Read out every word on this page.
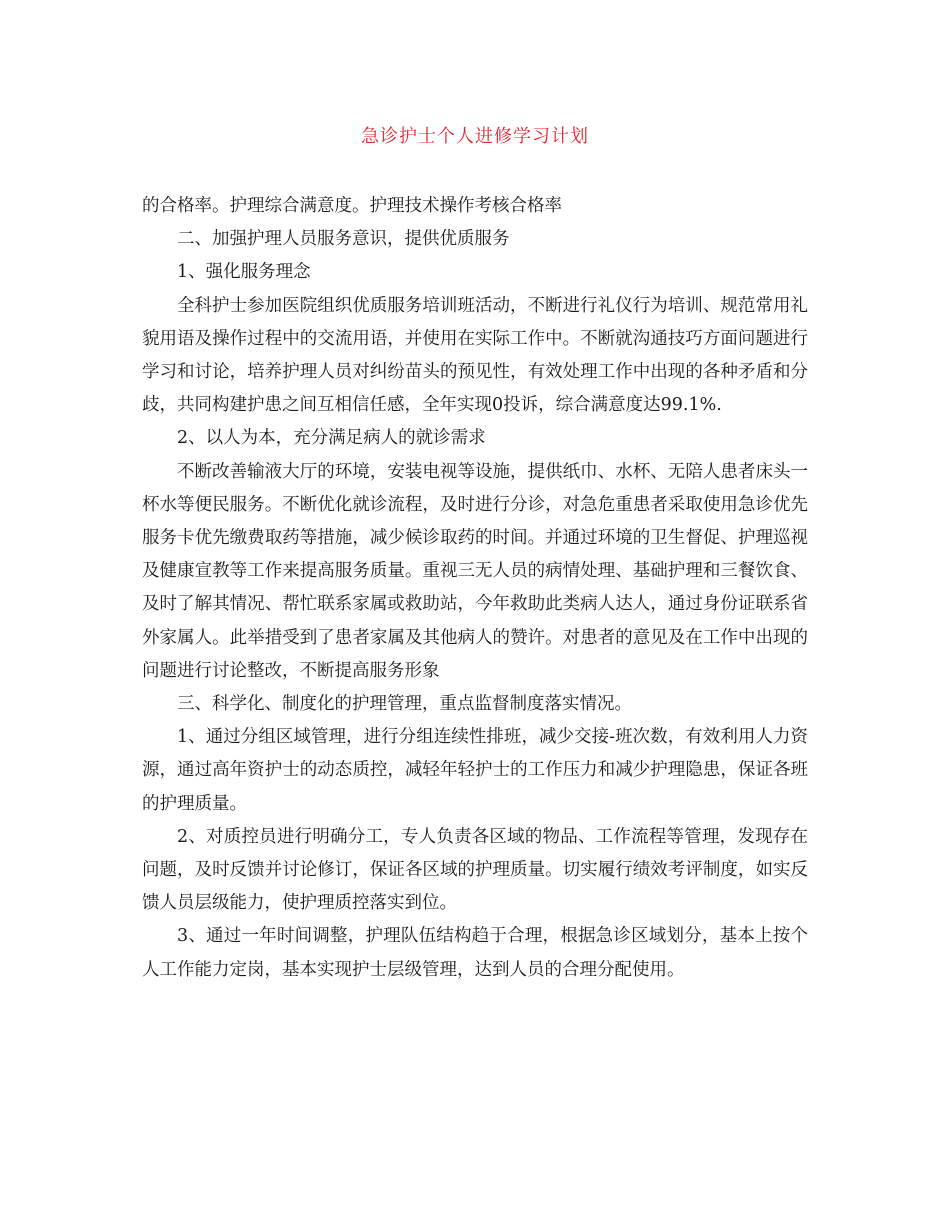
急诊护士个人进修学习计划

的合格率。护理综合满意度。护理技术操作考核合格率

二、加强护理人员服务意识，提供优质服务

1、强化服务理念

全科护士参加医院组织优质服务培训班活动，不断进行礼仪行为培训、规范常用礼貌用语及操作过程中的交流用语，并使用在实际工作中。不断就沟通技巧方面问题进行学习和讨论，培养护理人员对纠纷苗头的预见性，有效处理工作中出现的各种矛盾和分歧，共同构建护患之间互相信任感，全年实现0投诉，综合满意度达99.1%.

2、以人为本，充分满足病人的就诊需求

不断改善输液大厅的环境，安装电视等设施，提供纸巾、水杯、无陪人患者床头一杯水等便民服务。不断优化就诊流程，及时进行分诊，对急危重患者采取使用急诊优先服务卡优先缴费取药等措施，减少候诊取药的时间。并通过环境的卫生督促、护理巡视及健康宣教等工作来提高服务质量。重视三无人员的病情处理、基础护理和三餐饮食、及时了解其情况、帮忙联系家属或救助站，今年救助此类病人达人，通过身份证联系省外家属人。此举措受到了患者家属及其他病人的赞许。对患者的意见及在工作中出现的问题进行讨论整改，不断提高服务形象

三、科学化、制度化的护理管理，重点监督制度落实情况。

1、通过分组区域管理，进行分组连续性排班，减少交接-班次数，有效利用人力资源，通过高年资护士的动态质控，减轻年轻护士的工作压力和减少护理隐患，保证各班的护理质量。

2、对质控员进行明确分工，专人负责各区域的物品、工作流程等管理，发现存在问题，及时反馈并讨论修订，保证各区域的护理质量。切实履行绩效考评制度，如实反馈人员层级能力，使护理质控落实到位。

3、通过一年时间调整，护理队伍结构趋于合理，根据急诊区域划分，基本上按个人工作能力定岗，基本实现护士层级管理，达到人员的合理分配使用。
